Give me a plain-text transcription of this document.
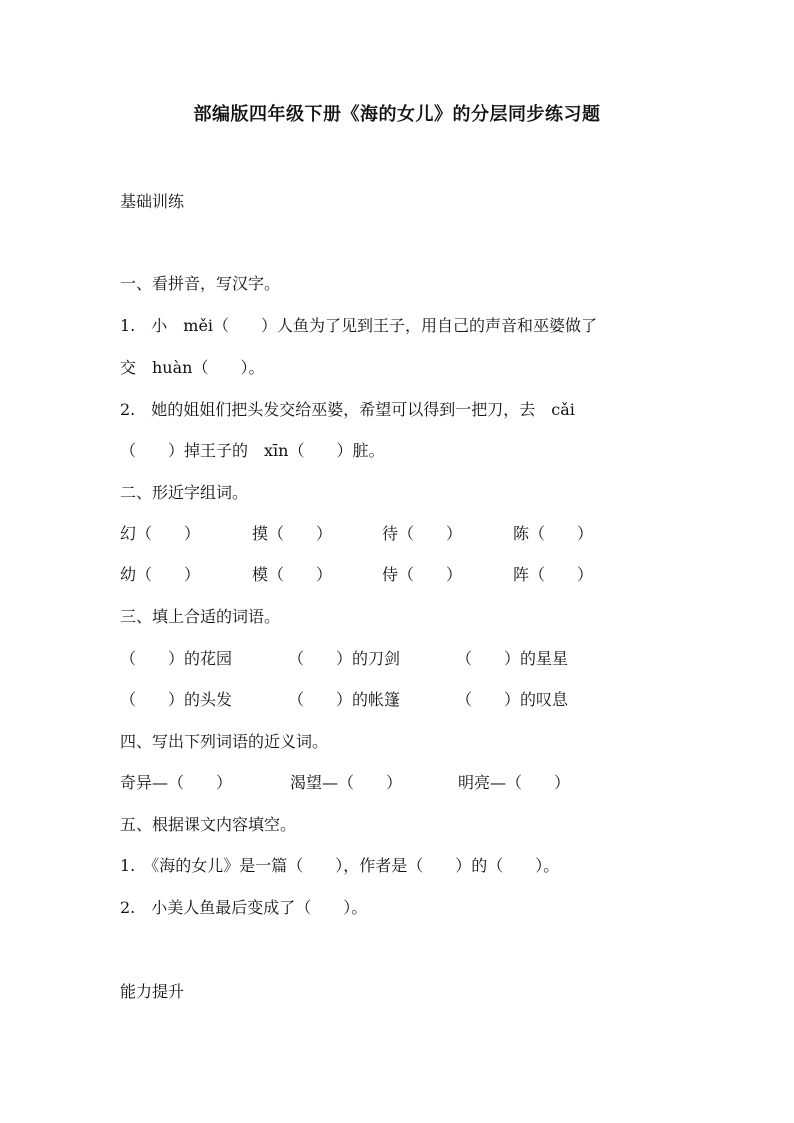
部编版四年级下册《海的女儿》的分层同步练习题
基础训练
一、看拼音，写汉字。
1.　小　měi（　　）人鱼为了见到王子，用自己的声音和巫婆做了
交　huàn（　　）。
2.　她的姐姐们把头发交给巫婆，希望可以得到一把刀，去　cǎi
（　　）掉王子的　xīn（　　）脏。
二、形近字组词。
幻（　　）	摸（　　）	待（　　）	陈（　　）
幼（　　）	模（　　）	侍（　　）	阵（　　）
三、填上合适的词语。
（　　）的花园	（　　）的刀剑	（　　）的星星
（　　）的头发	（　　）的帐篷	（　　）的叹息
四、写出下列词语的近义词。
奇异—（　　）	渴望—（　　）	明亮—（　　）
五、根据课文内容填空。
1.　《海的女儿》是一篇（　　），作者是（　　）的（　　）。
2.　小美人鱼最后变成了（　　）。
能力提升
